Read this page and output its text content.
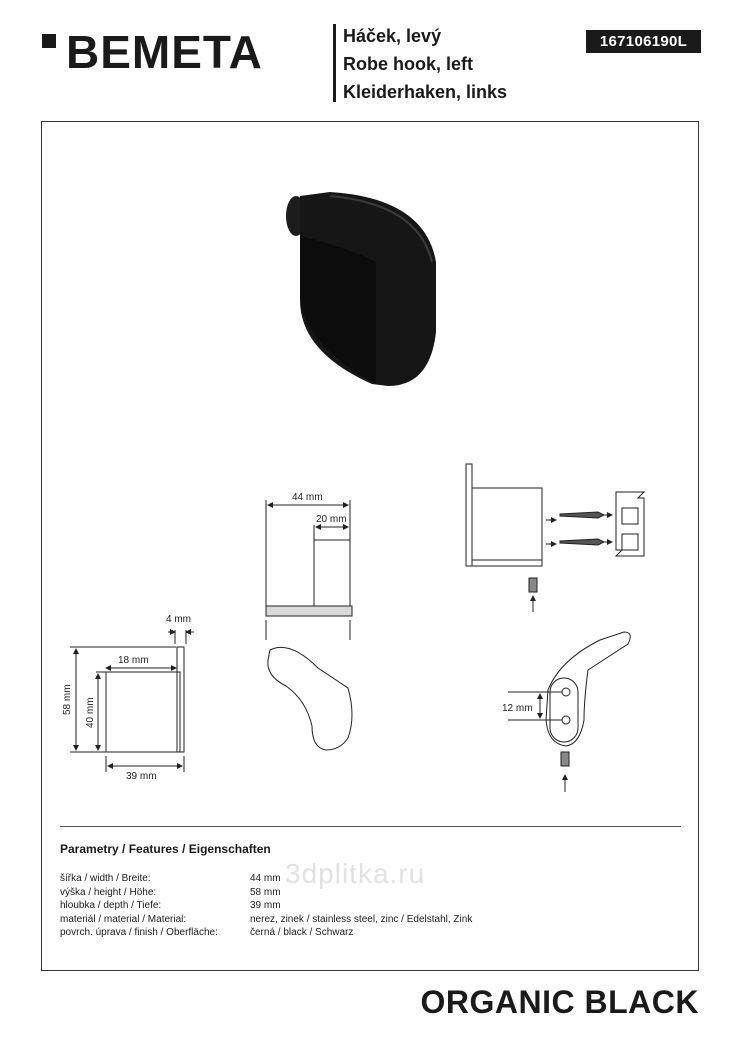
BEMETA	Háček, levý
Robe hook, left
Kleiderhaken, links
167106190L
44 mm
20 mm
4 mm
18 mm
39 mm
58 mm 40 mm	12 mm
Parametry / Features / Eigenschaften
3dplitka.ru
šířka / width / Breite:	44 mm
výška / height / Höhe:	58 mm
hloubka / depth / Tiefe:	39 mm
materiál / material / Material:	nerez, zinek / stainless steel, zinc / Edelstahl, Zink
povrch. úprava / finish / Oberfläche:	černá / black / Schwarz
ORGANIC BLACK
